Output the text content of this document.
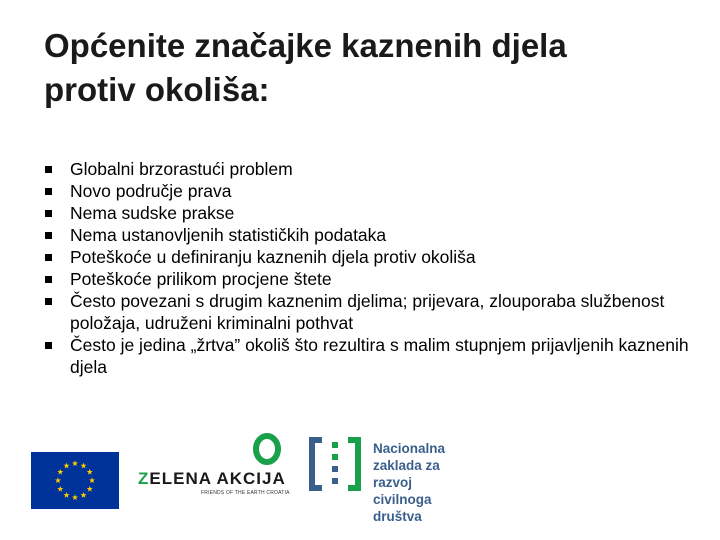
Općenite značajke kaznenih djela
protiv okoliša:
Globalni brzorastući problem
Novo područje prava
Nema sudske prakse
Nema ustanovljenih statističkih podataka
Poteškoće u definiranju kaznenih djela protiv okoliša
Poteškoće prilikom procjene štete
Često povezani s drugim kaznenim djelima; prijevara, zlouporaba službenost položaja, udruženi kriminalni pothvat
Često je jedina „žrtva” okoliš što rezultira s malim stupnjem prijavljenih kaznenih djela
ZELENA AKCIJA
FRIENDS OF THE EARTH CROATIA
Nacionalna
zaklada za
razvoj
civilnoga
društva
